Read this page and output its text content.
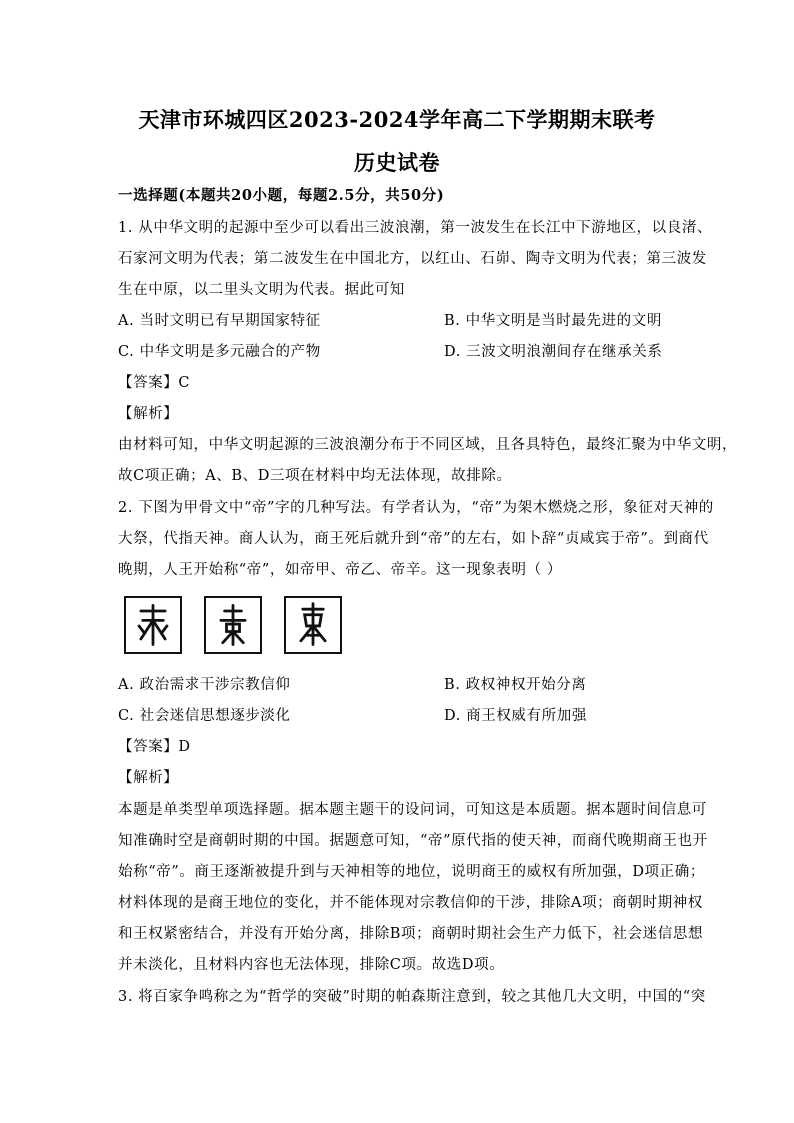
天津市环城四区2023-2024学年高二下学期期末联考
历史试卷
一选择题(本题共20小题，每题2.5分，共50分)
1. 从中华文明的起源中至少可以看出三波浪潮，第一波发生在长江中下游地区，以良渚、
石家河文明为代表；第二波发生在中国北方，以红山、石峁、陶寺文明为代表；第三波发
生在中原，以二里头文明为代表。据此可知
A. 当时文明已有早期国家特征	B. 中华文明是当时最先进的文明
C. 中华文明是多元融合的产物	D. 三波文明浪潮间存在继承关系
【答案】C
【解析】
由材料可知，中华文明起源的三波浪潮分布于不同区域，且各具特色，最终汇聚为中华文明，
故C项正确；A、B、D三项在材料中均无法体现，故排除。
2. 下图为甲骨文中“帝”字的几种写法。有学者认为，“帝”为架木燃烧之形，象征对天神的
大祭，代指天神。商人认为，商王死后就升到“帝”的左右，如卜辞“贞咸宾于帝”。到商代
晚期，人王开始称“帝”，如帝甲、帝乙、帝辛。这一现象表明（ ）
A. 政治需求干涉宗教信仰	B. 政权神权开始分离
C. 社会迷信思想逐步淡化	D. 商王权威有所加强
【答案】D
【解析】
本题是单类型单项选择题。据本题主题干的设问词，可知这是本质题。据本题时间信息可
知准确时空是商朝时期的中国。据题意可知，“帝”原代指的使天神，而商代晚期商王也开
始称“帝”。商王逐渐被提升到与天神相等的地位，说明商王的威权有所加强，D项正确；
材料体现的是商王地位的变化，并不能体现对宗教信仰的干涉，排除A项；商朝时期神权
和王权紧密结合，并没有开始分离，排除B项；商朝时期社会生产力低下，社会迷信思想
并未淡化，且材料内容也无法体现，排除C项。故选D项。
3. 将百家争鸣称之为“哲学的突破”时期的帕森斯注意到，较之其他几大文明，中国的“突
